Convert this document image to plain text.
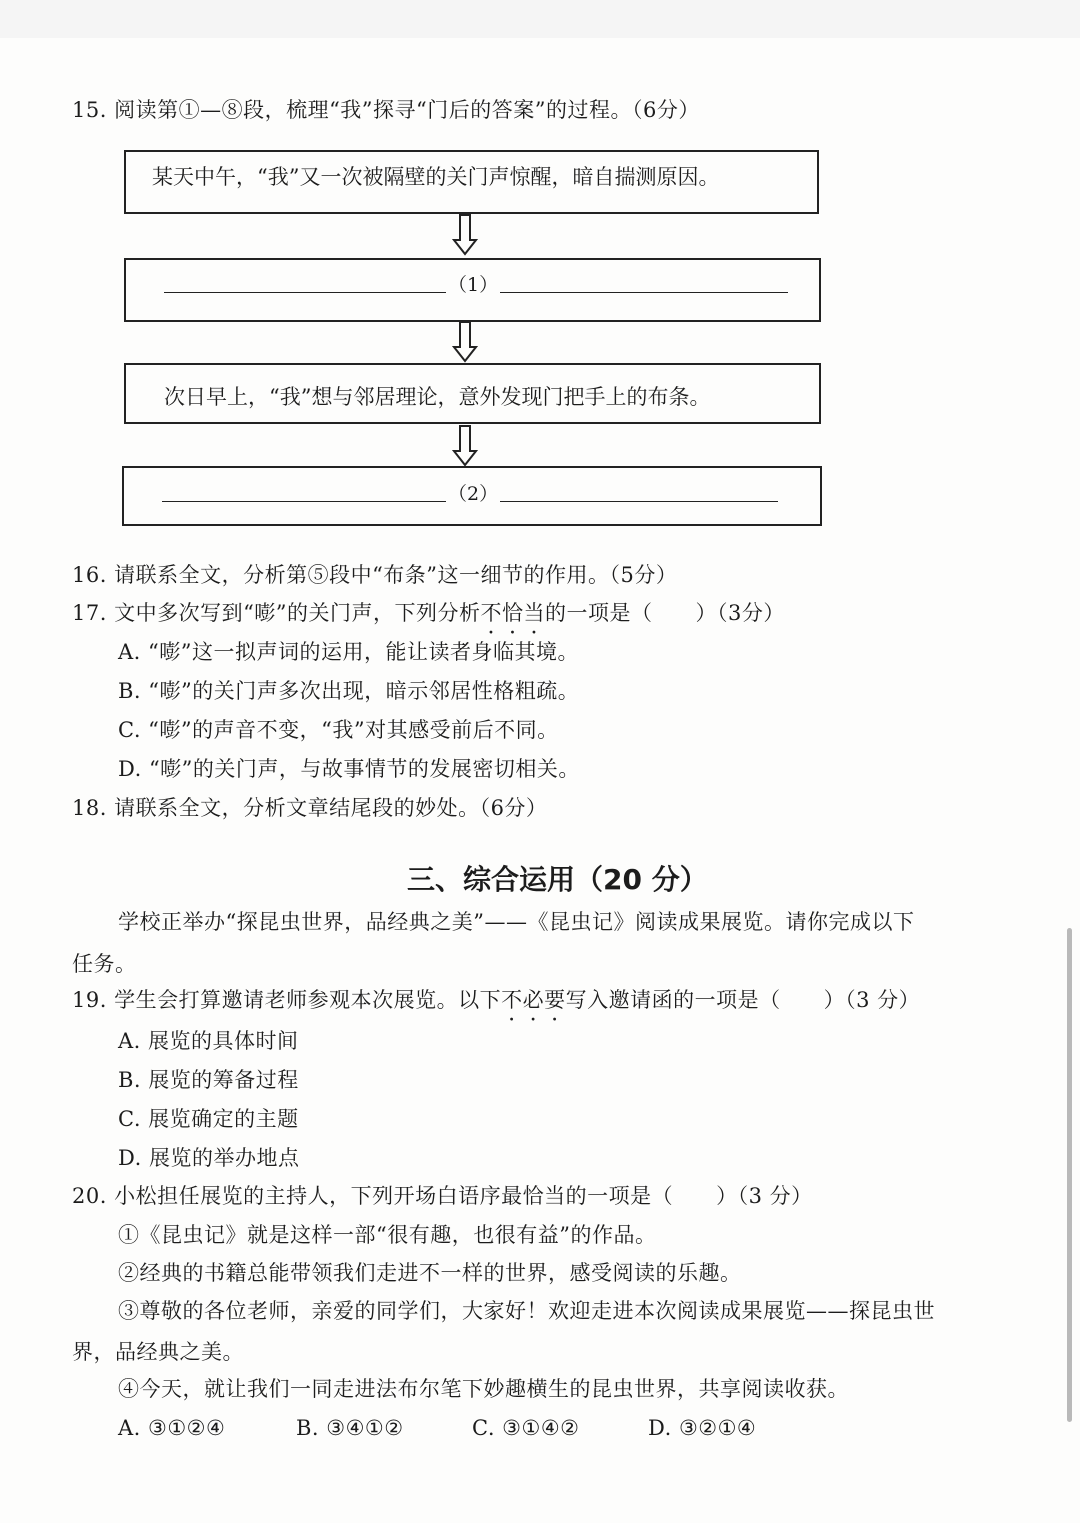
15. 阅读第①—⑧段，梳理“我”探寻“门后的答案”的过程。（6分）
某天中午，“我”又一次被隔壁的关门声惊醒，暗自揣测原因。
（1）
次日早上，“我”想与邻居理论，意外发现门把手上的布条。
（2）
16. 请联系全文，分析第⑤段中“布条”这一细节的作用。（5分）
17. 文中多次写到“嘭”的关门声，下列分析不恰当的一项是（　　）（3分）
A. “嘭”这一拟声词的运用，能让读者身临其境。
B. “嘭”的关门声多次出现，暗示邻居性格粗疏。
C. “嘭”的声音不变，“我”对其感受前后不同。
D. “嘭”的关门声，与故事情节的发展密切相关。
18. 请联系全文，分析文章结尾段的妙处。（6分）
三、综合运用（20 分）
学校正举办“探昆虫世界，品经典之美”——《昆虫记》阅读成果展览。请你完成以下
任务。
19. 学生会打算邀请老师参观本次展览。以下不必要写入邀请函的一项是（　　）（3 分）
A. 展览的具体时间
B. 展览的筹备过程
C. 展览确定的主题
D. 展览的举办地点
20. 小松担任展览的主持人，下列开场白语序最恰当的一项是（　　）（3 分）
①《昆虫记》就是这样一部“很有趣，也很有益”的作品。
②经典的书籍总能带领我们走进不一样的世界，感受阅读的乐趣。
③尊敬的各位老师，亲爱的同学们，大家好！欢迎走进本次阅读成果展览——探昆虫世
界，品经典之美。
④今天，就让我们一同走进法布尔笔下妙趣横生的昆虫世界，共享阅读收获。
A. ③①②④	B. ③④①②	C. ③①④②	D. ③②①④
